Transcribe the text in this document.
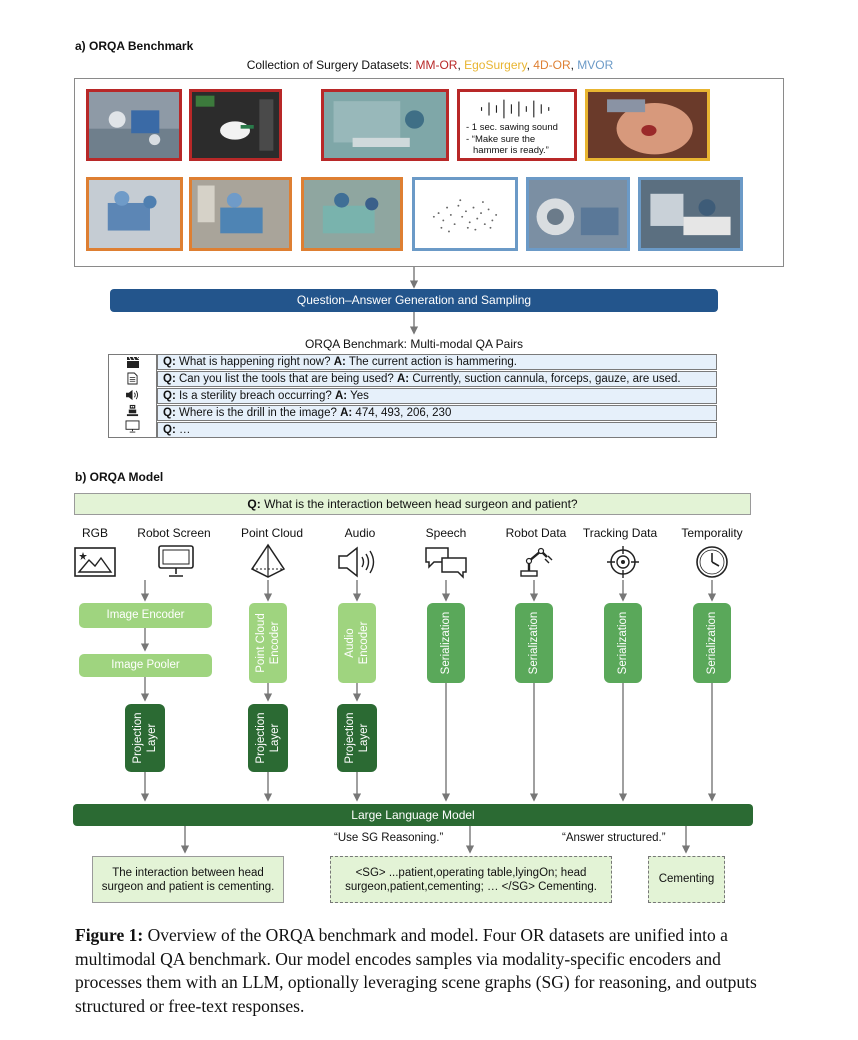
a) ORQA Benchmark
Collection of Surgery Datasets: MM-OR, EgoSurgery, 4D-OR, MVOR
- 1 sec. sawing sound
- “Make sure the
hammer is ready.”
Question–Answer Generation and Sampling
ORQA Benchmark: Multi-modal QA Pairs
Q: What is happening right now? A: The current action is hammering.
Q: Can you list the tools that are being used? A: Currently, suction cannula, forceps, gauze, are used.
Q: Is a sterility breach occurring? A: Yes
Q: Where is the drill in the image? A: 474, 493, 206, 230
Q: …
b) ORQA Model
Q: What is the interaction between head surgeon and patient?
RGB	Robot Screen	Point Cloud	Audio	Speech	Robot Data	Tracking Data	Temporality
Image Encoder
Image Pooler	Point Cloud Encoder	Audio Encoder	Serialization	Serialization	Serialization	Serialization
Projection Layer	Projection Layer	Projection Layer
Large Language Model
“Use SG Reasoning.”	“Answer structured.”
The interaction between head
surgeon and patient is cementing.
<SG> ...patient,operating table,lyingOn; head
surgeon,patient,cementing; … </SG> Cementing.
Cementing
Figure 1: Overview of the ORQA benchmark and model. Four OR datasets are unified into a multimodal QA benchmark. Our model encodes samples via modality-specific encoders and processes them with an LLM, optionally leveraging scene graphs (SG) for reasoning, and outputs structured or free-text responses.
